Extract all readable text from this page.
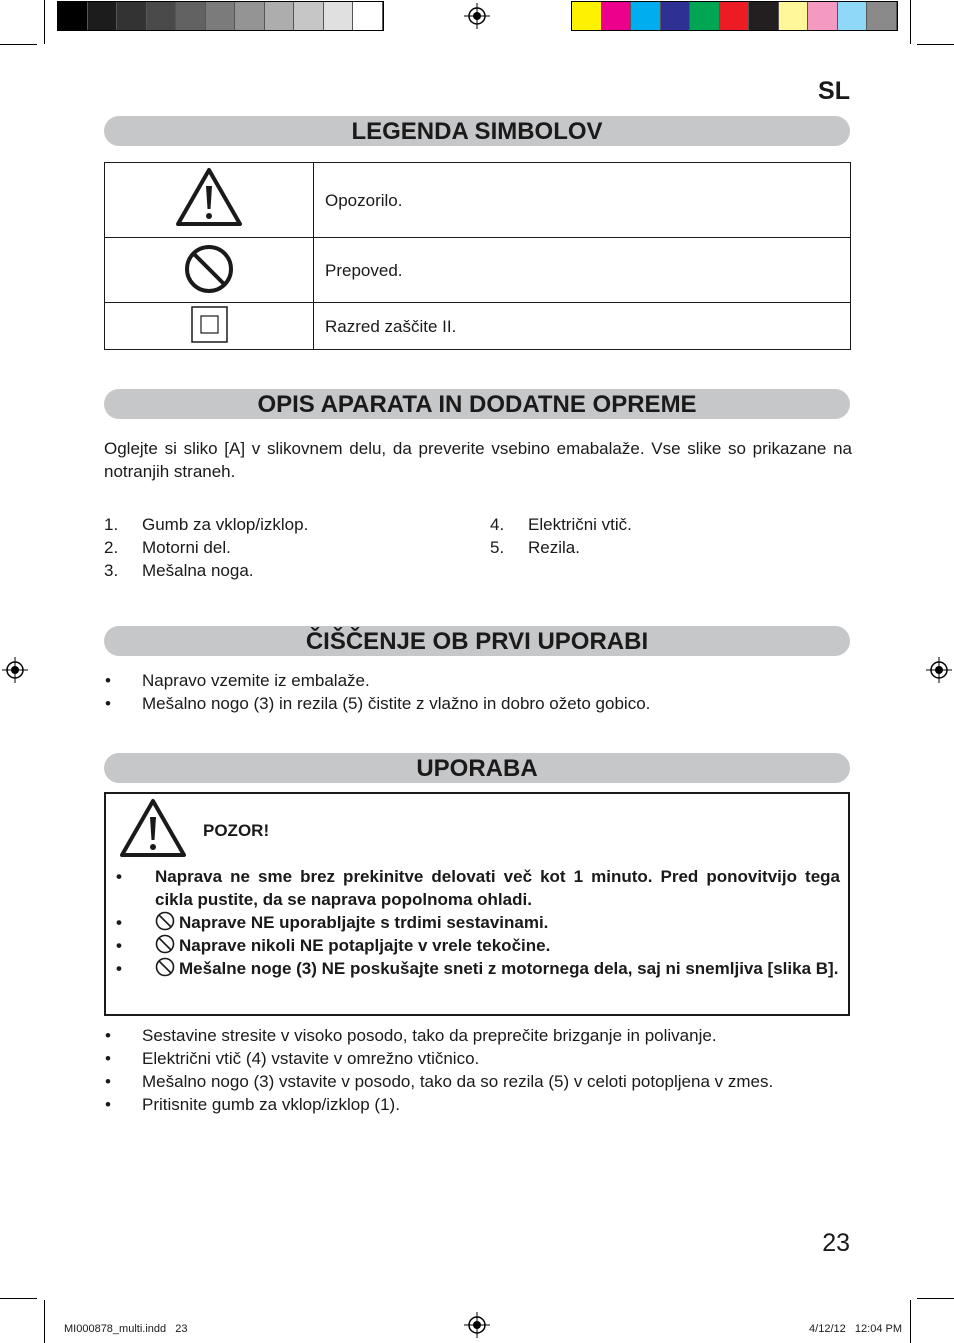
SL
LEGENDA SIMBOLOV
	Opozorilo.
	Prepoved.
	Razred zaščite II.
OPIS APARATA IN DODATNE OPREME
Oglejte si sliko [A] v slikovnem delu, da preverite vsebino emabalaže. Vse slike so prikazane na notranjih straneh.
1.	Gumb za vklop/izklop.
2.	Motorni del.
3.	Mešalna noga.
4.	Električni vtič.
5.	Rezila.
ČIŠČENJE OB PRVI UPORABI
•	Napravo vzemite iz embalaže.
•	Mešalno nogo (3) in rezila (5) čistite z vlažno in dobro ožeto gobico.
UPORABA
POZOR!
•	Naprava ne sme brez prekinitve delovati več kot 1 minuto. Pred ponovitvijo tega cikla pustite, da se naprava popolnoma ohladi.
•	Naprave NE uporabljajte s trdimi sestavinami.
•	Naprave nikoli NE potapljajte v vrele tekočine.
•	Mešalne noge (3) NE poskušajte sneti z motornega dela, saj ni snemljiva [slika B].
•	Sestavine stresite v visoko posodo, tako da preprečite brizganje in polivanje.
•	Električni vtič (4) vstavite v omrežno vtičnico.
•	Mešalno nogo (3) vstavite v posodo, tako da so rezila (5) v celoti potopljena v zmes.
•	Pritisnite gumb za vklop/izklop (1).
23
MI000878_multi.indd   23	4/12/12   12:04 PM
